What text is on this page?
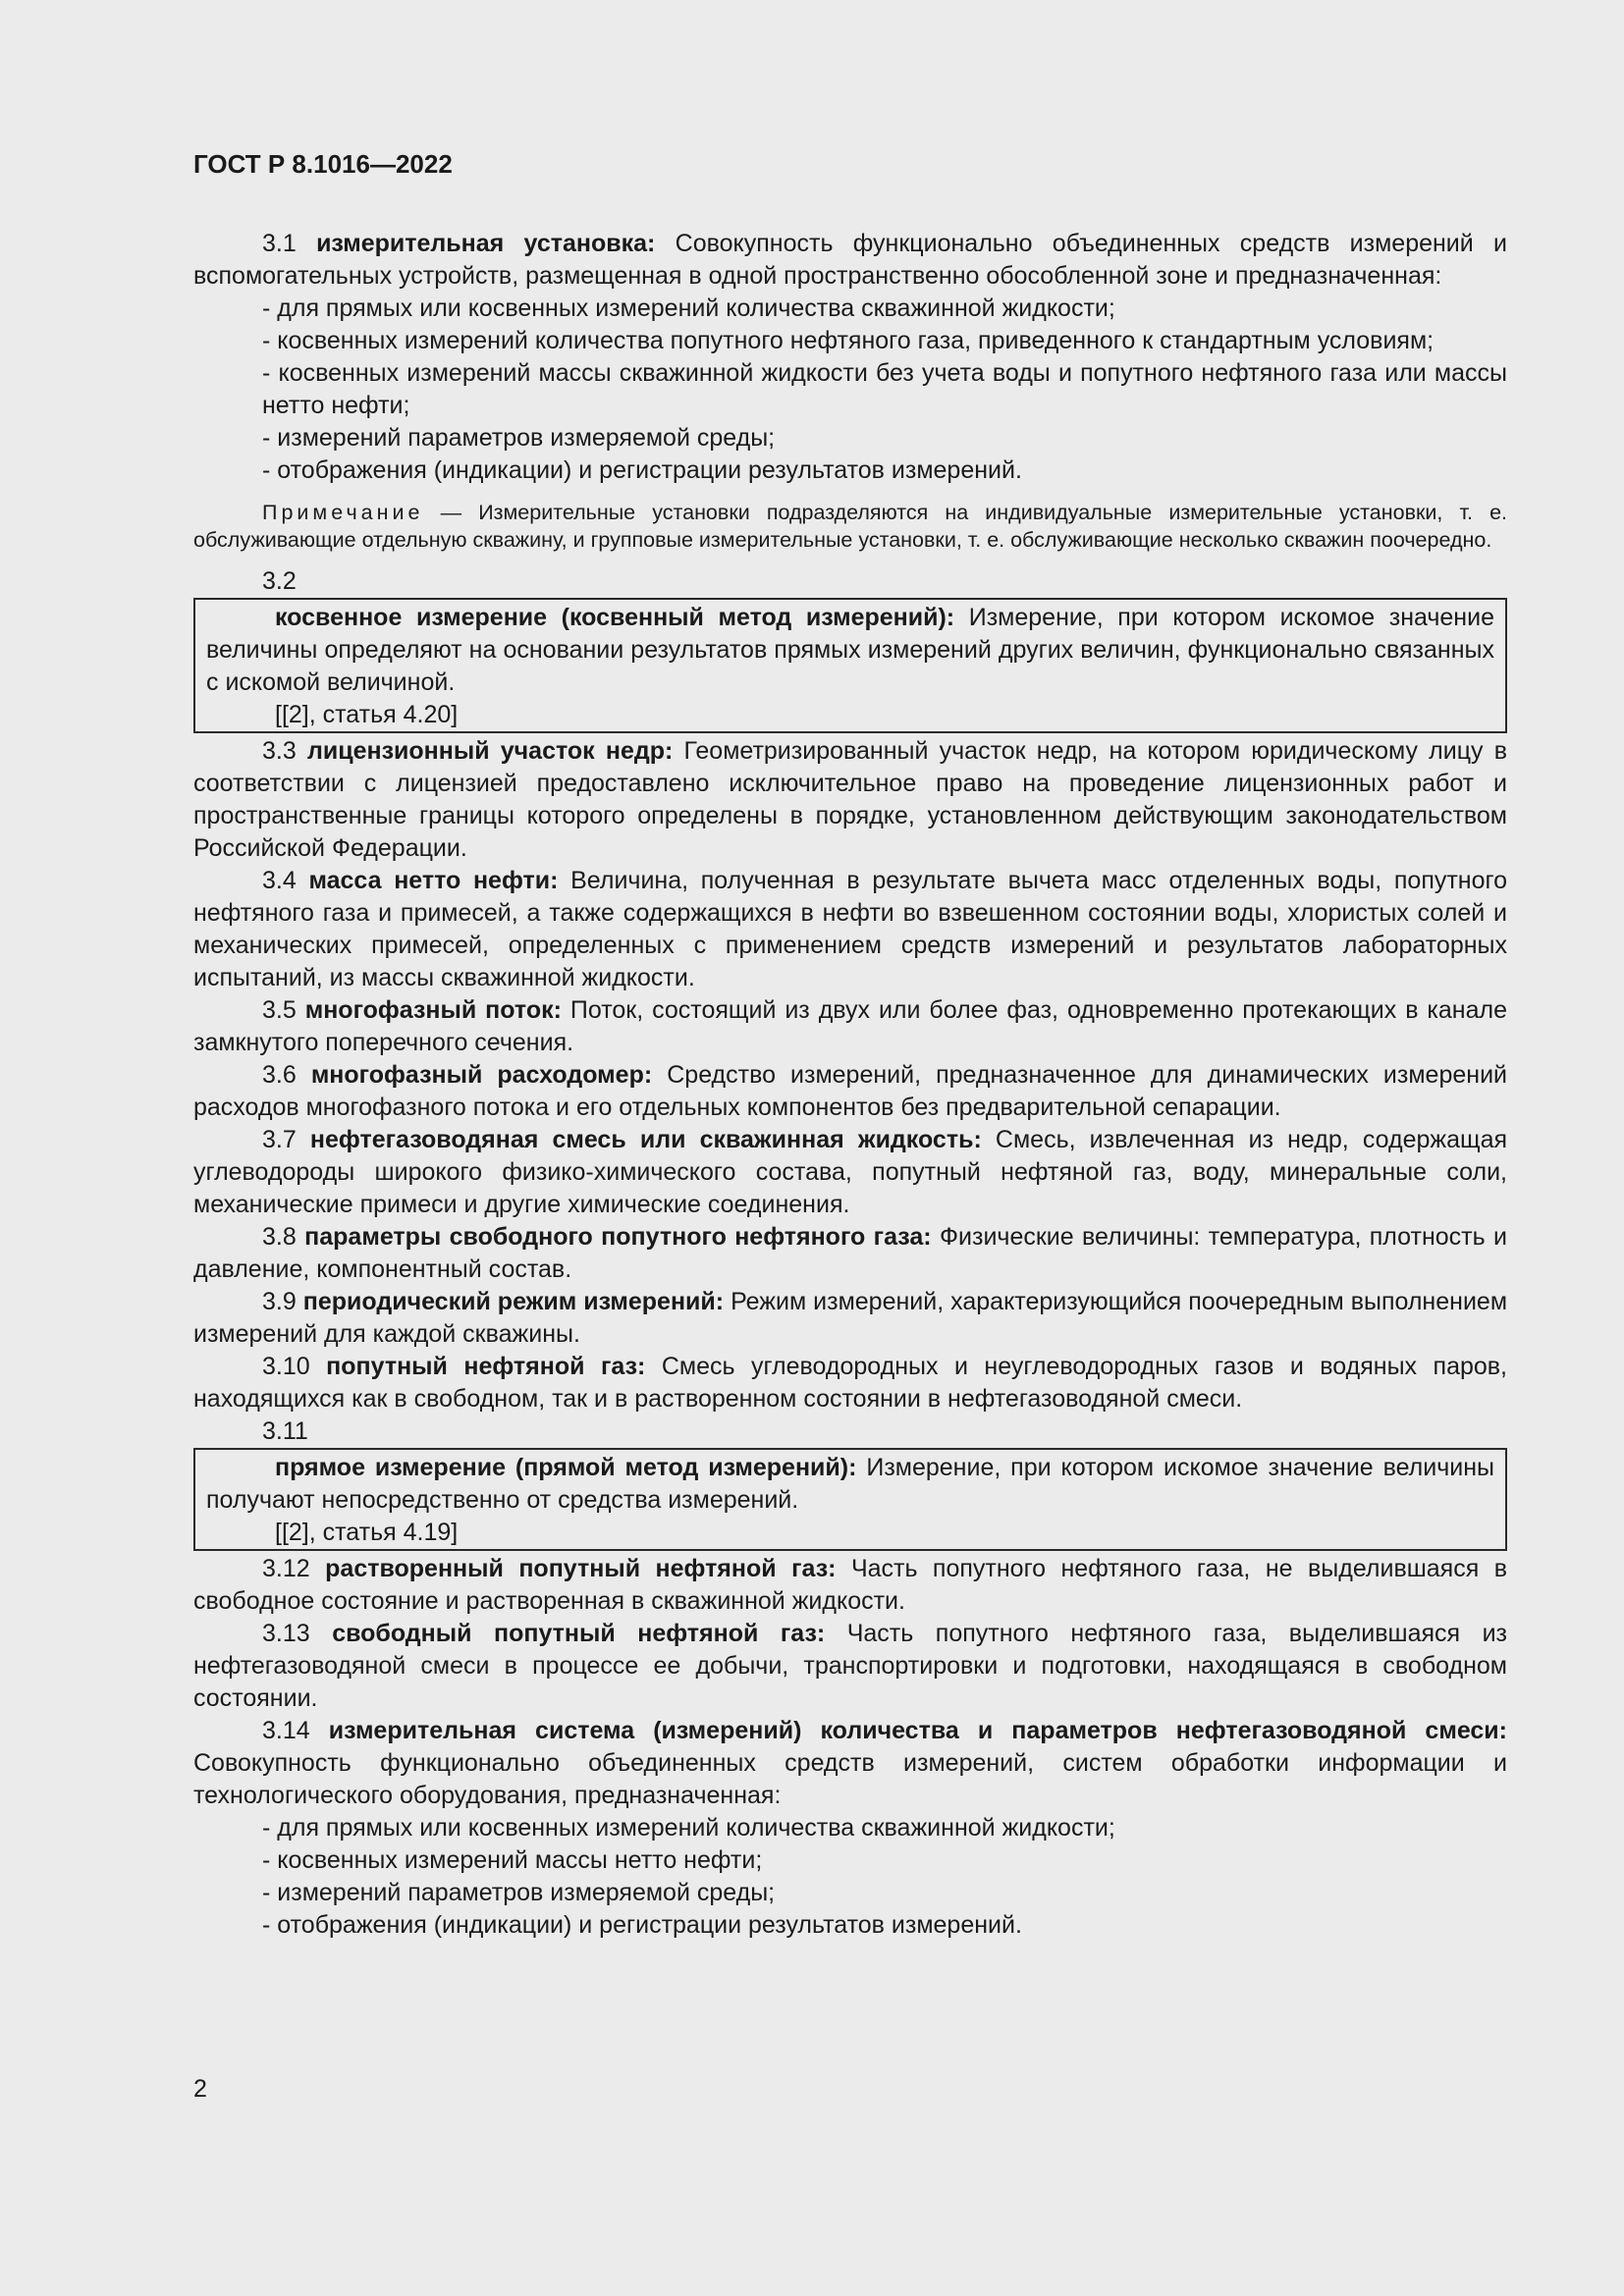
ГОСТ Р 8.1016—2022

3.1 измерительная установка: Совокупность функционально объединенных средств измерений и вспомогательных устройств, размещенная в одной пространственно обособленной зоне и предназначенная:

- для прямых или косвенных измерений количества скважинной жидкости;

- косвенных измерений количества попутного нефтяного газа, приведенного к стандартным условиям;

- косвенных измерений массы скважинной жидкости без учета воды и попутного нефтяного газа или массы нетто нефти;

- измерений параметров измеряемой среды;

- отображения (индикации) и регистрации результатов измерений.

Примечание — Измерительные установки подразделяются на индивидуальные измерительные установки, т. е. обслуживающие отдельную скважину, и групповые измерительные установки, т. е. обслуживающие несколько скважин поочередно.

3.2

косвенное измерение (косвенный метод измерений): Измерение, при котором искомое значение величины определяют на основании результатов прямых измерений других величин, функционально связанных с искомой величиной.

[[2], статья 4.20]

3.3 лицензионный участок недр: Геометризированный участок недр, на котором юридическому лицу в соответствии с лицензией предоставлено исключительное право на проведение лицензионных работ и пространственные границы которого определены в порядке, установленном действующим законодательством Российской Федерации.

3.4 масса нетто нефти: Величина, полученная в результате вычета масс отделенных воды, попутного нефтяного газа и примесей, а также содержащихся в нефти во взвешенном состоянии воды, хлористых солей и механических примесей, определенных с применением средств измерений и результатов лабораторных испытаний, из массы скважинной жидкости.

3.5 многофазный поток: Поток, состоящий из двух или более фаз, одновременно протекающих в канале замкнутого поперечного сечения.

3.6 многофазный расходомер: Средство измерений, предназначенное для динамических измерений расходов многофазного потока и его отдельных компонентов без предварительной сепарации.

3.7 нефтегазоводяная смесь или скважинная жидкость: Смесь, извлеченная из недр, содержащая углеводороды широкого физико-химического состава, попутный нефтяной газ, воду, минеральные соли, механические примеси и другие химические соединения.

3.8 параметры свободного попутного нефтяного газа: Физические величины: температура, плотность и давление, компонентный состав.

3.9 периодический режим измерений: Режим измерений, характеризующийся поочередным выполнением измерений для каждой скважины.

3.10 попутный нефтяной газ: Смесь углеводородных и неуглеводородных газов и водяных паров, находящихся как в свободном, так и в растворенном состоянии в нефтегазоводяной смеси.

3.11

прямое измерение (прямой метод измерений): Измерение, при котором искомое значение величины получают непосредственно от средства измерений.

[[2], статья 4.19]

3.12 растворенный попутный нефтяной газ: Часть попутного нефтяного газа, не выделившаяся в свободное состояние и растворенная в скважинной жидкости.

3.13 свободный попутный нефтяной газ: Часть попутного нефтяного газа, выделившаяся из нефтегазоводяной смеси в процессе ее добычи, транспортировки и подготовки, находящаяся в свободном состоянии.

3.14 измерительная система (измерений) количества и параметров нефтегазоводяной смеси: Совокупность функционально объединенных средств измерений, систем обработки информации и технологического оборудования, предназначенная:

- для прямых или косвенных измерений количества скважинной жидкости;

- косвенных измерений массы нетто нефти;

- измерений параметров измеряемой среды;

- отображения (индикации) и регистрации результатов измерений.

2
